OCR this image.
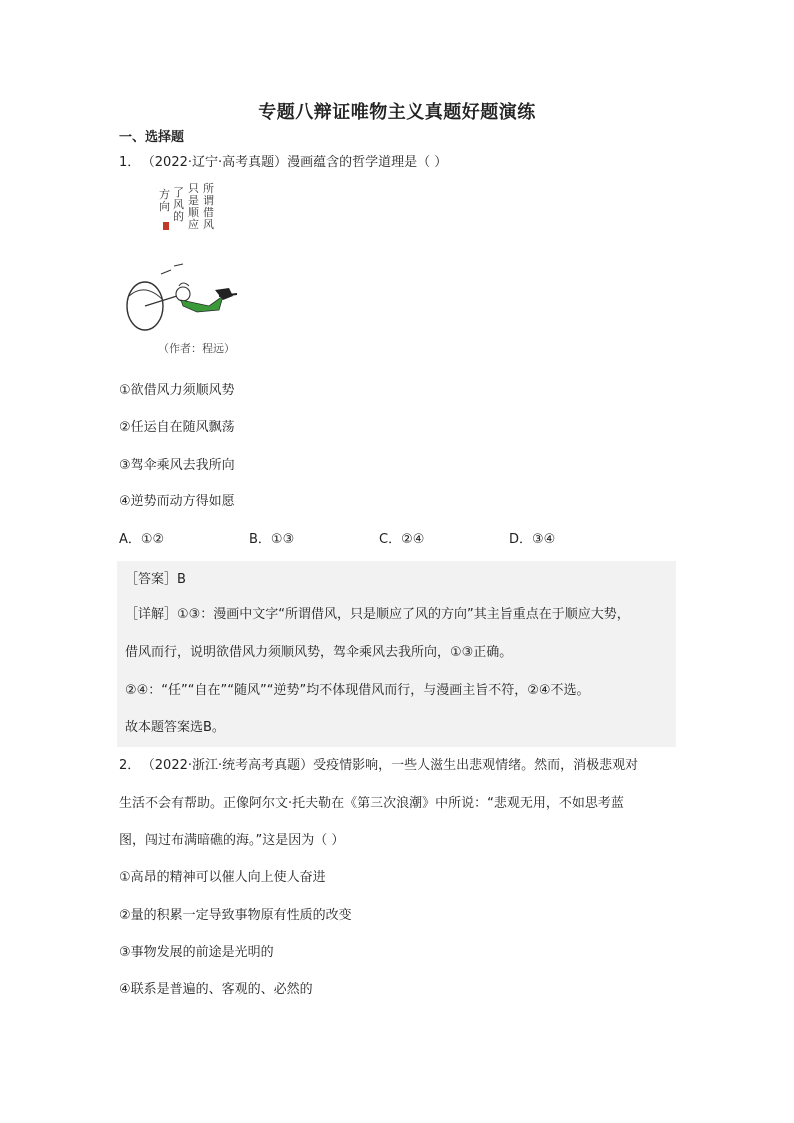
专题八辩证唯物主义真题好题演练
一、选择题
1． （2022·辽宁·高考真题）漫画蕴含的哲学道理是（ ）
所
谓
借
风
只
是
顺
应
了
风
的
方
向
（作者：程远）
①欲借风力须顺风势
②任运自在随风飘荡
③驾伞乘风去我所向
④逆势而动方得如愿
A．①②	B．①③	C．②④	D．③④
［答案］B
［详解］①③：漫画中文字“所谓借风，只是顺应了风的方向”其主旨重点在于顺应大势，
借风而行，说明欲借风力须顺风势，驾伞乘风去我所向，①③正确。
②④：“任”“自在”“随风”“逆势”均不体现借风而行，与漫画主旨不符，②④不选。
故本题答案选B。
2． （2022·浙江·统考高考真题）受疫情影响，一些人滋生出悲观情绪。然而，消极悲观对
生活不会有帮助。正像阿尔文·托夫勒在《第三次浪潮》中所说：“悲观无用，不如思考蓝
图，闯过布满暗礁的海。”这是因为（ ）
①高昂的精神可以催人向上使人奋进
②量的积累一定导致事物原有性质的改变
③事物发展的前途是光明的
④联系是普遍的、客观的、必然的
